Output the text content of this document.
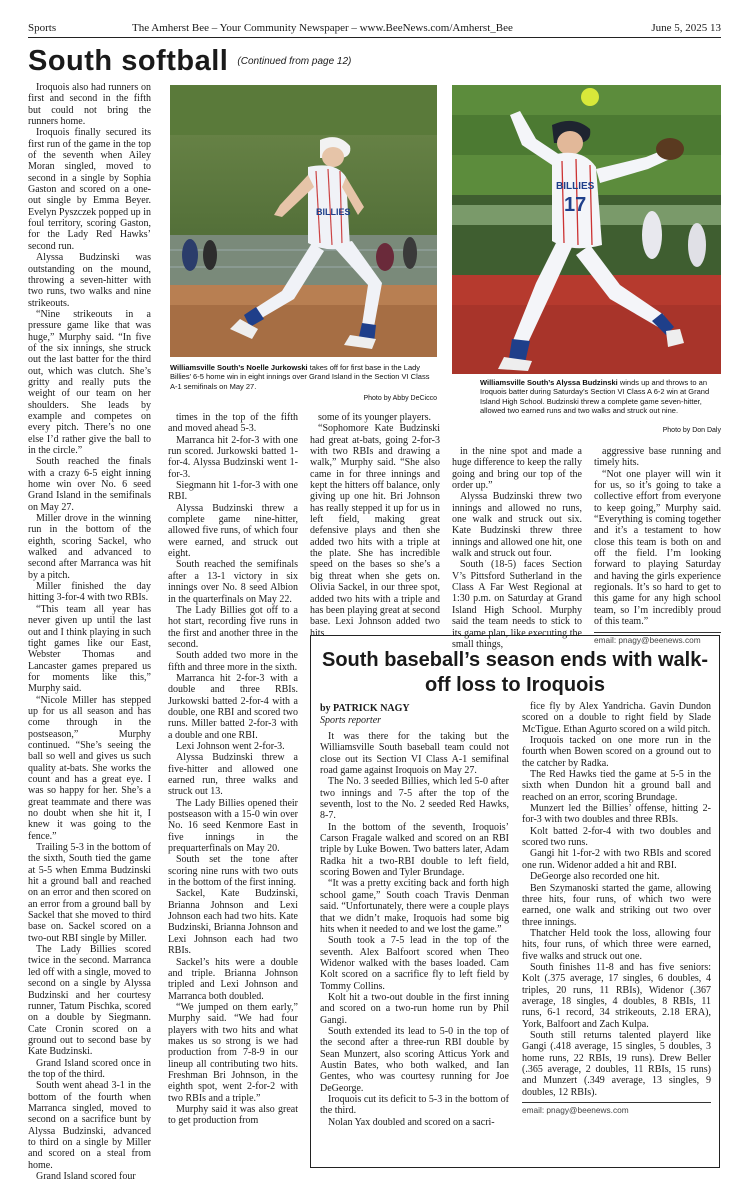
Sports	The Amherst Bee – Your Community Newspaper – www.BeeNews.com/Amherst_Bee	June 5, 2025 13
South softball (Continued from page 12)

Iroquois also had runners on first and second in the fifth but could not bring the runners home.

Iroquois finally secured its first run of the game in the top of the seventh when Ailey Moran singled, moved to second in a single by Sophia Gaston and scored on a one-out single by Emma Beyer. Evelyn Pyszczek popped up in foul territory, scoring Gaston, for the Lady Red Hawks’ second run.

Alyssa Budzinski was outstanding on the mound, throwing a seven-hitter with two runs, two walks and nine strikeouts.

“Nine strikeouts in a pressure game like that was huge,” Murphy said. “In five of the six innings, she struck out the last batter for the third out, which was clutch. She’s gritty and really puts the weight of our team on her shoulders. She leads by example and competes on every pitch. There’s no one else I’d rather give the ball to in the circle.”

South reached the finals with a crazy 6-5 eight inning home win over No. 6 seed Grand Island in the semifinals on May 27.

Miller drove in the winning run in the bottom of the eighth, scoring Sackel, who walked and advanced to second after Marranca was hit by a pitch.

Miller finished the day hitting 3-for-4 with two RBIs.

“This team all year has never given up until the last out and I think playing in such tight games like our East, Webster Thomas and Lancaster games prepared us for moments like this,” Murphy said.

“Nicole Miller has stepped up for us all season and has come through in the postseason,” Murphy continued. “She’s seeing the ball so well and gives us such quality at-bats. She works the count and has a great eye. I was so happy for her. She’s a great teammate and there was no doubt when she hit it, I knew it was going to the fence.”

Trailing 5-3 in the bottom of the sixth, South tied the game at 5-5 when Emma Budzinski hit a ground ball and reached on an error and then scored on an error from a ground ball by Sackel that she moved to third base on. Sackel scored on a two-out RBI single by Miller.

The Lady Billies scored twice in the second. Marranca led off with a single, moved to second on a single by Alyssa Budzinski and her courtesy runner, Tatum Pischka, scored on a double by Siegmann. Cate Cronin scored on a ground out to second base by Kate Budzinski.

Grand Island scored once in the top of the third.

South went ahead 3-1 in the bottom of the fourth when Marranca singled, moved to second on a sacrifice bunt by Alyssa Budzinski, advanced to third on a single by Miller and scored on a steal from home.

Grand Island scored four

times in the top of the fifth and moved ahead 5-3.

Marranca hit 2-for-3 with one run scored. Jurkowski batted 1-for-4. Alyssa Budzinski went 1-for-3.

Siegmann hit 1-for-3 with one RBI.

Alyssa Budzinski threw a complete game nine-hitter, allowed five runs, of which four were earned, and struck out eight.

South reached the semifinals after a 13-1 victory in six innings over No. 8 seed Albion in the quarterfinals on May 22.

The Lady Billies got off to a hot start, recording five runs in the first and another three in the second.

South added two more in the fifth and three more in the sixth.

Marranca hit 2-for-3 with a double and three RBIs. Jurkowski batted 2-for-4 with a double, one RBI and scored two runs. Miller batted 2-for-3 with a double and one RBI.

Lexi Johnson went 2-for-3.

Alyssa Budzinski threw a five-hitter and allowed one earned run, three walks and struck out 13.

The Lady Billies opened their postseason with a 15-0 win over No. 16 seed Kenmore East in five innings in the prequarterfinals on May 20.

South set the tone after scoring nine runs with two outs in the bottom of the first inning.

Sackel, Kate Budzinski, Brianna Johnson and Lexi Johnson each had two hits. Kate Budzinski, Brianna Johnson and Lexi Johnson each had two RBIs.

Sackel’s hits were a double and triple. Brianna Johnson tripled and Lexi Johnson and Marranca both doubled.

“We jumped on them early,” Murphy said. “We had four players with two hits and what makes us so strong is we had production from 7-8-9 in our lineup all contributing two hits. Freshman Bri Johnson, in the eighth spot, went 2-for-2 with two RBIs and a triple.”

Murphy said it was also great to get production from

some of its younger players.

“Sophomore Kate Budzinski had great at-bats, going 2-for-3 with two RBIs and drawing a walk,” Murphy said. “She also came in for three innings and kept the hitters off balance, only giving up one hit. Bri Johnson has really stepped it up for us in left field, making great defensive plays and then she added two hits with a triple at the plate. She has incredible speed on the bases so she’s a big threat when she gets on. Olivia Sackel, in our three spot, added two hits with a triple and has been playing great at second base. Lexi Johnson added two hits

in the nine spot and made a huge difference to keep the rally going and bring our top of the order up.”

Alyssa Budzinski threw two innings and allowed no runs, one walk and struck out six. Kate Budzinski threw three innings and allowed one hit, one walk and struck out four.

South (18-5) faces Section V’s Pittsford Sutherland in the Class A Far West Regional at 1:30 p.m. on Saturday at Grand Island High School. Murphy said the team needs to stick to its game plan, like executing the small things,

aggressive base running and timely hits.

“Not one player will win it for us, so it’s going to take a collective effort from everyone to keep going,” Murphy said. “Everything is coming together and it’s a testament to how close this team is both on and off the field. I’m looking forward to playing Saturday and having the girls experience regionals. It’s so hard to get to this game for any high school team, so I’m incredibly proud of this team.”

email: pnagy@beenews.com

BILLIES
Williamsville South’s Noelle Jurkowski takes off for first base in the Lady Billies’ 6-5 home win in eight innings over Grand Island in the Section VI Class A-1 semifinals on May 27.
Photo by Abby DeCicco
BILLIES
17
Williamsville South’s Alyssa Budzinski winds up and throws to an Iroquois batter during Saturday’s Section VI Class A 6-2 win at Grand Island High School. Budzinski threw a complete game seven-hitter, allowed two earned runs and two walks and struck out nine.
Photo by Don Daly
South baseball’s season ends with walk-off loss to Iroquois
by PATRICK NAGY
Sports reporter

It was there for the taking but the Williamsville South baseball team could not close out its Section VI Class A-1 semifinal road game against Iroquois on May 27.

The No. 3 seeded Billies, which led 5-0 after two innings and 7-5 after the top of the seventh, lost to the No. 2 seeded Red Hawks, 8-7.

In the bottom of the seventh, Iroquois’ Carson Fragale walked and scored on an RBI triple by Luke Bowen. Two batters later, Adam Radka hit a two-RBI double to left field, scoring Bowen and Tyler Brundage.

“It was a pretty exciting back and forth high school game,” South coach Travis Denman said. “Unfortunately, there were a couple plays that we didn’t make, Iroquois had some big hits when it needed to and we lost the game.”

South took a 7-5 lead in the top of the seventh. Alex Balfoort scored when Theo Widenor walked with the bases loaded. Cam Kolt scored on a sacrifice fly to left field by Tommy Collins.

Kolt hit a two-out double in the first inning and scored on a two-run home run by Phil Gangi.

South extended its lead to 5-0 in the top of the second after a three-run RBI double by Sean Munzert, also scoring Atticus York and Austin Bates, who both walked, and Ian Gentes, who was courtesy running for Joe DeGeorge.

Iroquois cut its deficit to 5-3 in the bottom of the third.

Nolan Yax doubled and scored on a sacri-

fice fly by Alex Yandricha. Gavin Dundon scored on a double to right field by Slade McTigue. Ethan Agurto scored on a wild pitch.

Iroquois tacked on one more run in the fourth when Bowen scored on a ground out to the catcher by Radka.

The Red Hawks tied the game at 5-5 in the sixth when Dundon hit a ground ball and reached on an error, scoring Brundage.

Munzert led the Billies’ offense, hitting 2-for-3 with two doubles and three RBIs.

Kolt batted 2-for-4 with two doubles and scored two runs.

Gangi hit 1-for-2 with two RBIs and scored one run. Widenor added a hit and RBI.

DeGeorge also recorded one hit.

Ben Szymanoski started the game, allowing three hits, four runs, of which two were earned, one walk and striking out two over three innings.

Thatcher Held took the loss, allowing four hits, four runs, of which three were earned, five walks and struck out one.

South finishes 11-8 and has five seniors: Kolt (.375 average, 17 singles, 6 doubles, 4 triples, 20 runs, 11 RBIs), Widenor (.367 average, 18 singles, 4 doubles, 8 RBIs, 11 runs, 6-1 record, 34 strikeouts, 2.18 ERA), York, Balfoort and Zach Kulpa.

South still returns talented playerd like Gangi (.418 average, 15 singles, 5 doubles, 3 home runs, 22 RBIs, 19 runs). Drew Beller (.365 average, 2 doubles, 11 RBIs, 15 runs) and Munzert (.349 average, 13 singles, 9 doubles, 12 RBIs).

email: pnagy@beenews.com
